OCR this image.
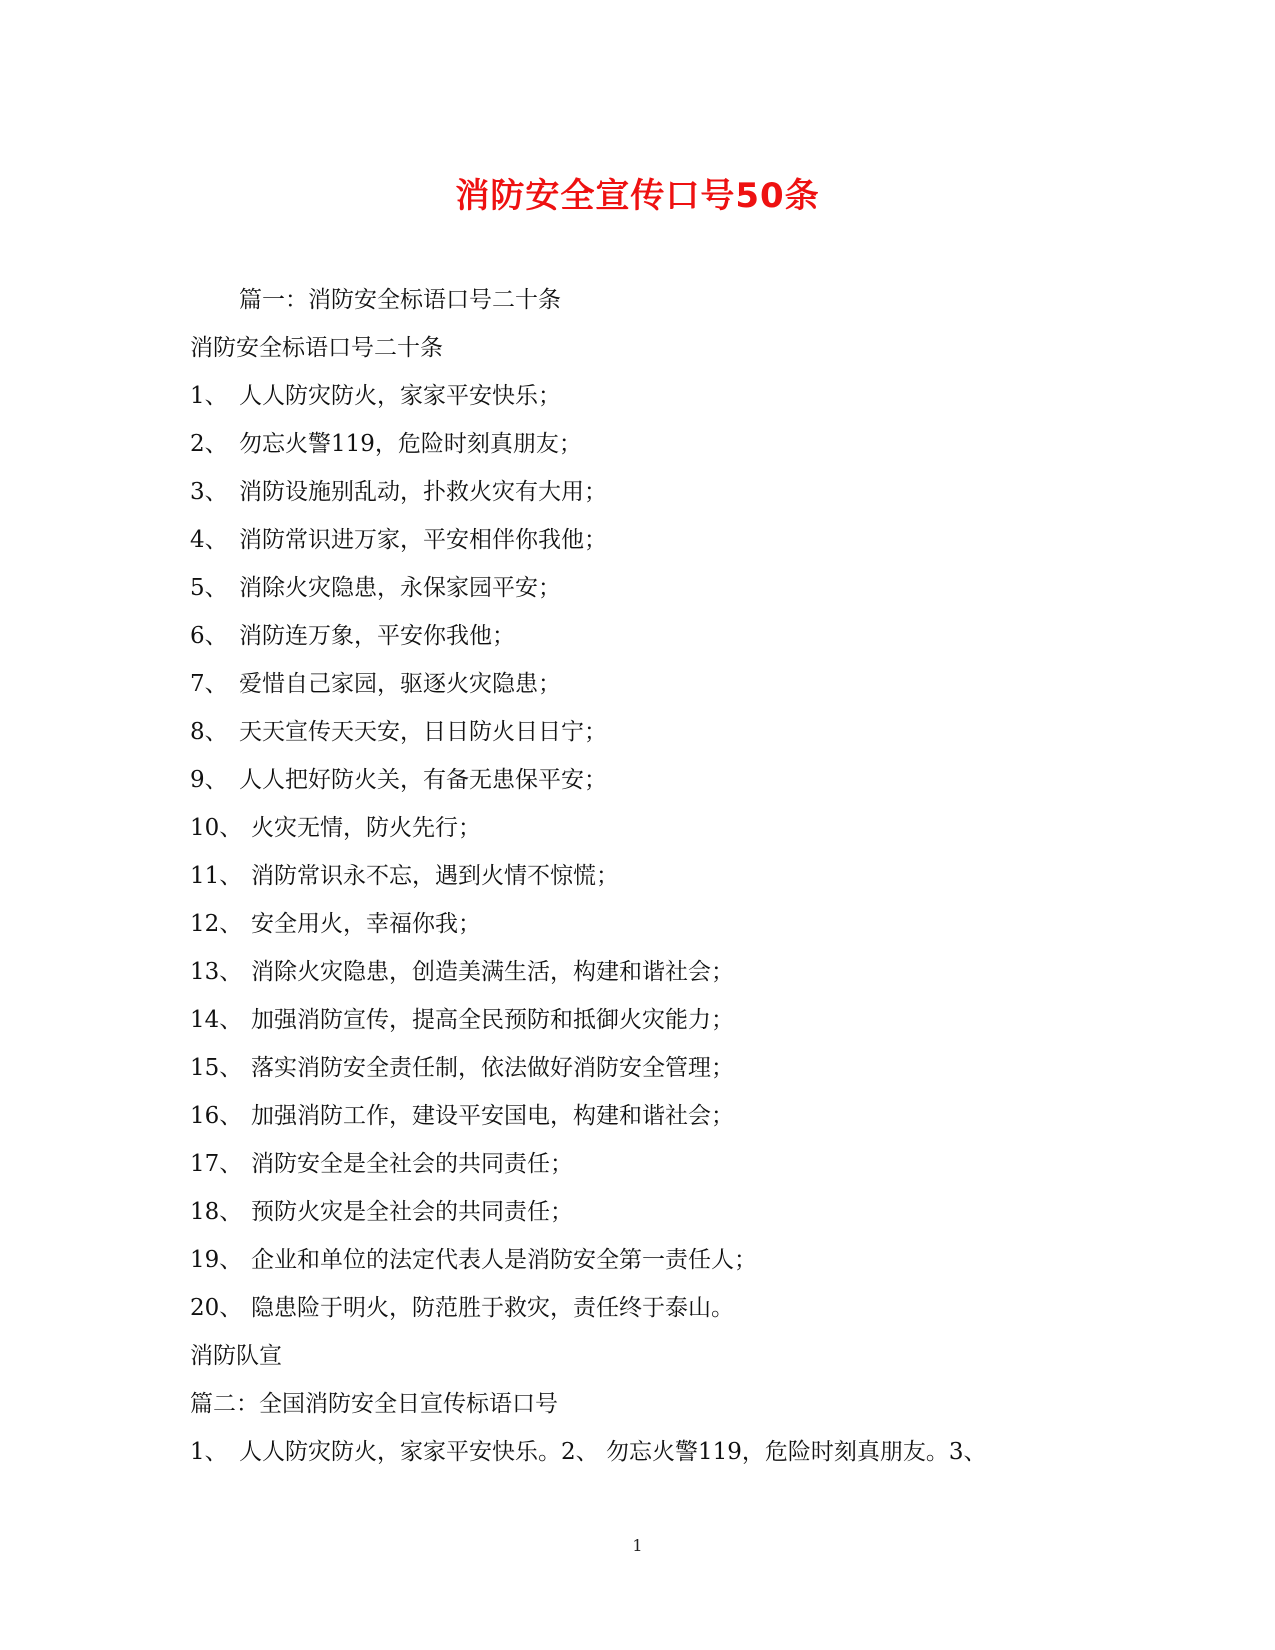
消防安全宣传口号50条
篇一：消防安全标语口号二十条
消防安全标语口号二十条
1、 人人防灾防火，家家平安快乐；
2、 勿忘火警119，危险时刻真朋友；
3、 消防设施别乱动，扑救火灾有大用；
4、 消防常识进万家，平安相伴你我他；
5、 消除火灾隐患，永保家园平安；
6、 消防连万象，平安你我他；
7、 爱惜自己家园，驱逐火灾隐患；
8、 天天宣传天天安，日日防火日日宁；
9、 人人把好防火关，有备无患保平安；
10、 火灾无情，防火先行；
11、 消防常识永不忘，遇到火情不惊慌；
12、 安全用火，幸福你我；
13、 消除火灾隐患，创造美满生活，构建和谐社会；
14、 加强消防宣传，提高全民预防和抵御火灾能力；
15、 落实消防安全责任制，依法做好消防安全管理；
16、 加强消防工作，建设平安国电，构建和谐社会；
17、 消防安全是全社会的共同责任；
18、 预防火灾是全社会的共同责任；
19、 企业和单位的法定代表人是消防安全第一责任人；
20、 隐患险于明火，防范胜于救灾，责任终于泰山。
消防队宣
篇二：全国消防安全日宣传标语口号
1、 人人防灾防火，家家平安快乐。2、 勿忘火警119，危险时刻真朋友。3、
1
